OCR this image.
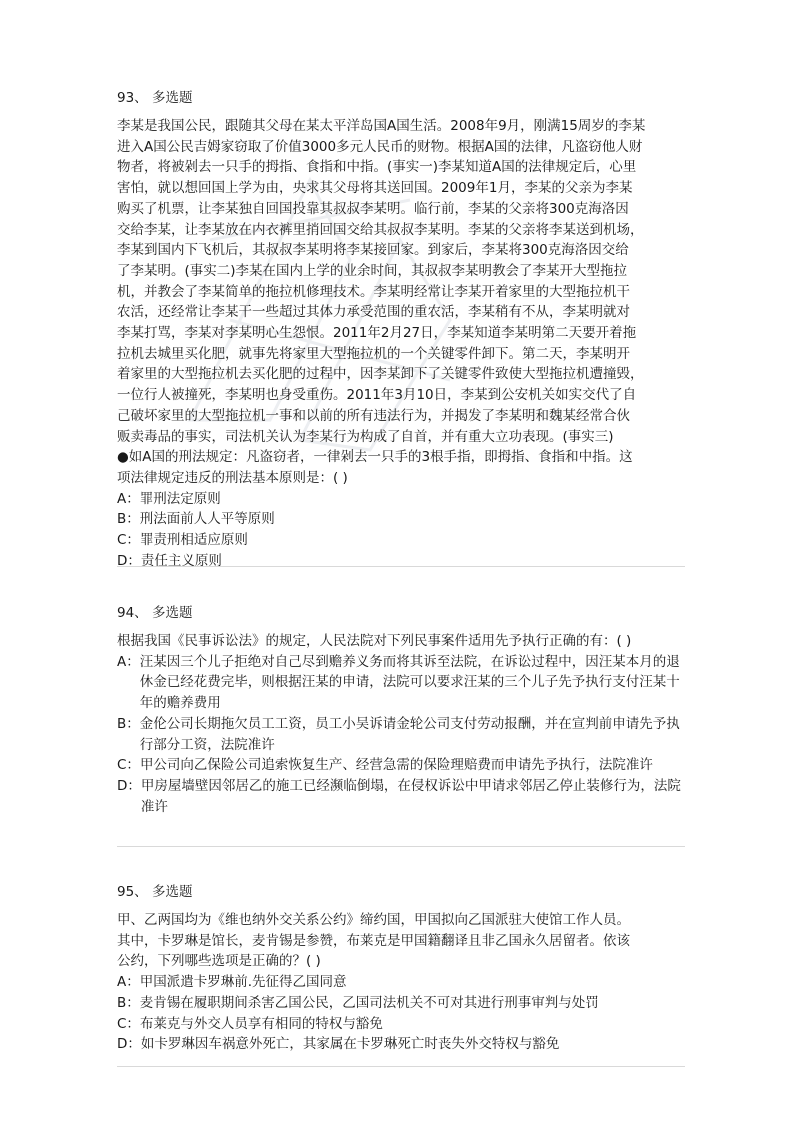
93、 多选题
李某是我国公民，跟随其父母在某太平洋岛国A国生活。2008年9月，刚满15周岁的李某
进入A国公民吉姆家窃取了价值3000多元人民币的财物。根据A国的法律，凡盗窃他人财
物者，将被剁去一只手的拇指、食指和中指。(事实一)李某知道A国的法律规定后，心里
害怕，就以想回国上学为由，央求其父母将其送回国。2009年1月，李某的父亲为李某
购买了机票，让李某独自回国投靠其叔叔李某明。临行前，李某的父亲将300克海洛因
交给李某，让李某放在内衣裤里捎回国交给其叔叔李某明。李某的父亲将李某送到机场，
李某到国内下飞机后，其叔叔李某明将李某接回家。到家后，李某将300克海洛因交给
了李某明。(事实二)李某在国内上学的业余时间，其叔叔李某明教会了李某开大型拖拉
机，并教会了李某简单的拖拉机修理技术。李某明经常让李某开着家里的大型拖拉机干
农活，还经常让李某干一些超过其体力承受范围的重农活，李某稍有不从，李某明就对
李某打骂，李某对李某明心生怨恨。2011年2月27日，李某知道李某明第二天要开着拖
拉机去城里买化肥，就事先将家里大型拖拉机的一个关键零件卸下。第二天，李某明开
着家里的大型拖拉机去买化肥的过程中，因李某卸下了关键零件致使大型拖拉机遭撞毁，
一位行人被撞死，李某明也身受重伤。2011年3月10日，李某到公安机关如实交代了自
己破坏家里的大型拖拉机一事和以前的所有违法行为，并揭发了李某明和魏某经常合伙
贩卖毒品的事实，司法机关认为李某行为构成了自首，并有重大立功表现。(事实三)
●如A国的刑法规定：凡盗窃者，一律剁去一只手的3根手指，即拇指、食指和中指。这
项法律规定违反的刑法基本原则是：( )
A： 罪刑法定原则
B： 刑法面前人人平等原则
C： 罪责刑相适应原则
D： 责任主义原则
94、 多选题
根据我国《民事诉讼法》的规定，人民法院对下列民事案件适用先予执行正确的有：( )
A： 汪某因三个儿子拒绝对自己尽到赡养义务而将其诉至法院，在诉讼过程中，因汪某本月的退休金已经花费完毕，则根据汪某的申请，法院可以要求汪某的三个儿子先予执行支付汪某十年的赡养费用
B： 金伦公司长期拖欠员工工资，员工小吴诉请金轮公司支付劳动报酬，并在宣判前申请先予执行部分工资，法院准许
C： 甲公司向乙保险公司追索恢复生产、经营急需的保险理赔费而申请先予执行，法院准许
D： 甲房屋墙壁因邻居乙的施工已经濒临倒塌，在侵权诉讼中甲请求邻居乙停止装修行为，法院准许
95、 多选题
甲、乙两国均为《维也纳外交关系公约》缔约国，甲国拟向乙国派驻大使馆工作人员。
其中，卡罗琳是馆长，麦肯锡是参赞，布莱克是甲国籍翻译且非乙国永久居留者。依该
公约，下列哪些选项是正确的？( )
A： 甲国派遣卡罗琳前.先征得乙国同意
B： 麦肯锡在履职期间杀害乙国公民，乙国司法机关不可对其进行刑事审判与处罚
C： 布莱克与外交人员享有相同的特权与豁免
D： 如卡罗琳因车祸意外死亡，其家属在卡罗琳死亡时丧失外交特权与豁免
